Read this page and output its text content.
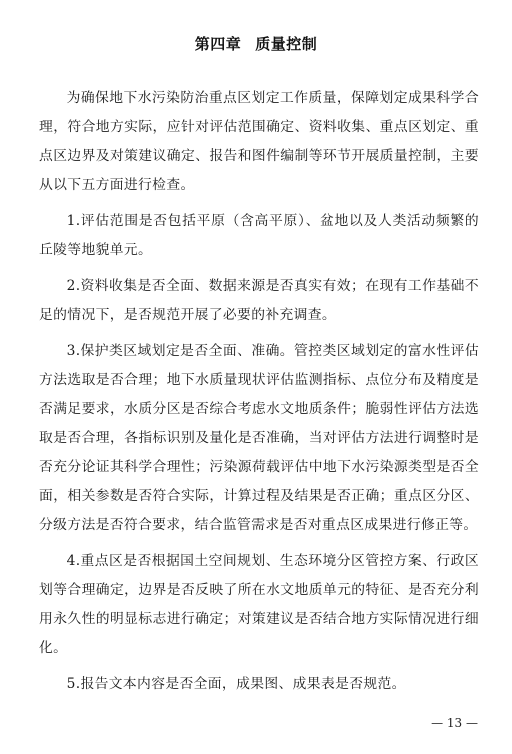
第四章 质量控制

为确保地下水污染防治重点区划定工作质量，保障划定成果科学合理，符合地方实际，应针对评估范围确定、资料收集、重点区划定、重点区边界及对策建议确定、报告和图件编制等环节开展质量控制，主要从以下五方面进行检查。

1.评估范围是否包括平原（含高平原）、盆地以及人类活动频繁的丘陵等地貌单元。

2.资料收集是否全面、数据来源是否真实有效；在现有工作基础不足的情况下，是否规范开展了必要的补充调查。

3.保护类区域划定是否全面、准确。管控类区域划定的富水性评估方法选取是否合理；地下水质量现状评估监测指标、点位分布及精度是否满足要求，水质分区是否综合考虑水文地质条件；脆弱性评估方法选取是否合理，各指标识别及量化是否准确，当对评估方法进行调整时是否充分论证其科学合理性；污染源荷载评估中地下水污染源类型是否全面，相关参数是否符合实际，计算过程及结果是否正确；重点区分区、分级方法是否符合要求，结合监管需求是否对重点区成果进行修正等。

4.重点区是否根据国土空间规划、生态环境分区管控方案、行政区划等合理确定，边界是否反映了所在水文地质单元的特征、是否充分利用永久性的明显标志进行确定；对策建议是否结合地方实际情况进行细化。

5.报告文本内容是否全面，成果图、成果表是否规范。

— 13 —
